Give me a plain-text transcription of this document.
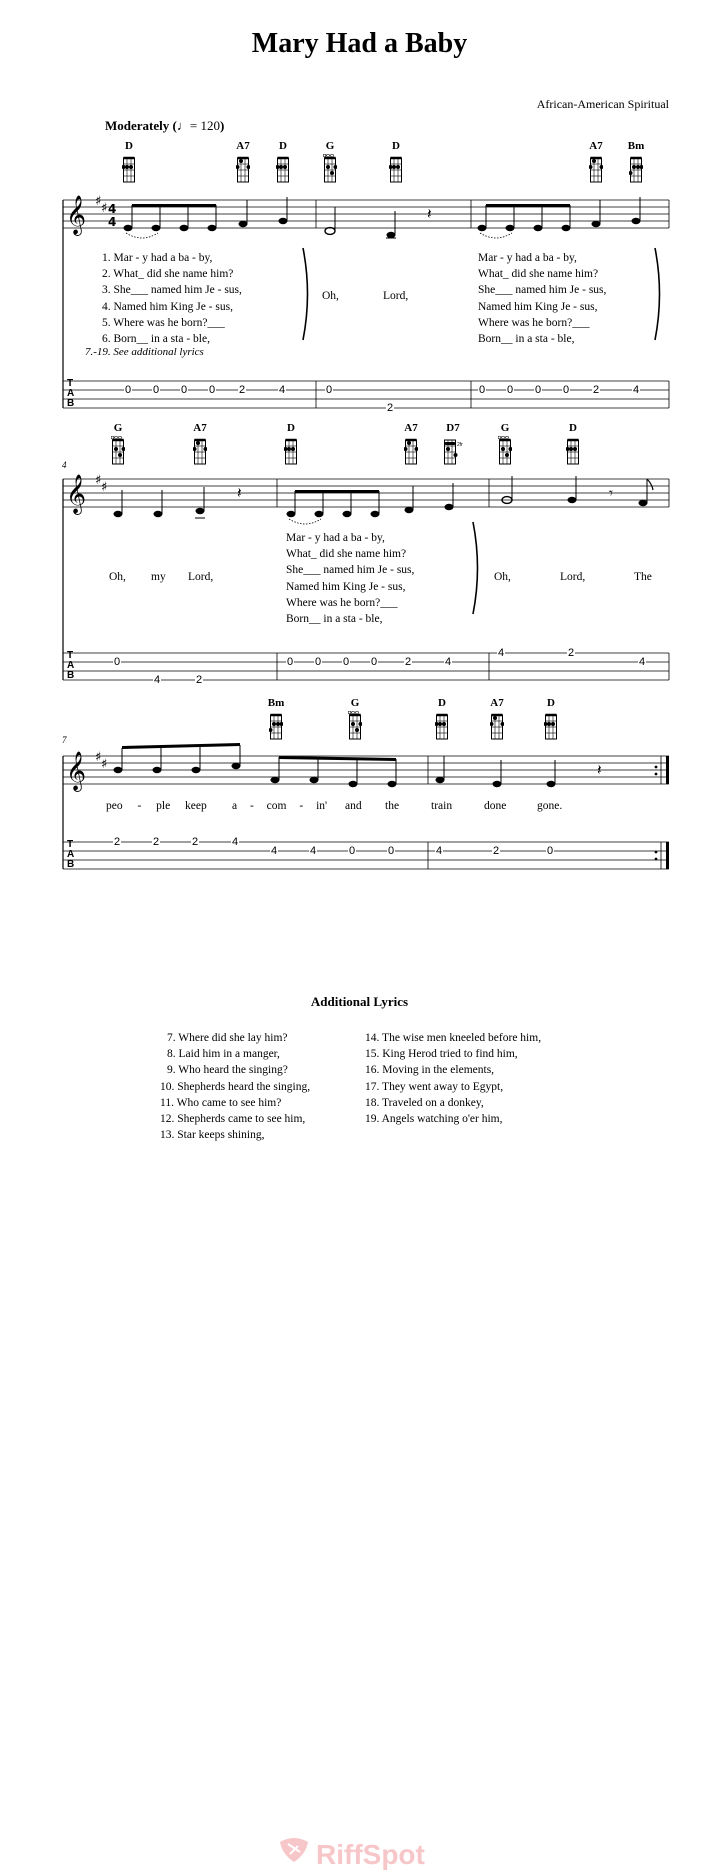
Mary Had a Baby
African-American Spiritual
Moderately (♩= 120)
D	A7	D	G	D	A7	Bm
𝄞 ♯ ♯ 4
4	𝄽
T
A
B
1. Mar - y had a ba - by,
2. What_ did she name him?
3. She___ named him Je - sus,
4. Named him King Je - sus,
5. Where was he born?___
6. Born__ in a sta - ble,
Oh,	Lord,
Mar - y had a ba - by,
What_ did she name him?
She___ named him Je - sus,
Named him King Je - sus,
Where was he born?___
Born__ in a sta - ble,
7.-19. See additional lyrics
0 0 0 0 2	4	0
2
0 0 0 0 2	4
4
G	A7	D	A7	D7
2fr
G	D
𝄞 ♯ ♯	𝄽	𝄾
T
A
B
Oh, my Lord,
Mar - y had a ba - by,
What_ did she name him?
She___ named him Je - sus,
Named him King Je - sus,
Where was he born?___
Born__ in a sta - ble,
Oh,	Lord,	The
0
4	2
0 0 0 0	2	4
4	2
4
7
Bm	G	D	A7	D
𝄞 ♯ ♯	𝄽
T
A
B
peo - ple keep a - com - in' and the	train	done	gone.
2	2	2	4
4	4	0	0	4	2	0
Additional Lyrics
7. Where did she lay him?
8. Laid him in a manger,
9. Who heard the singing?
10. Shepherds heard the singing,
11. Who came to see him?
12. Shepherds came to see him,
13. Star keeps shining,
14. The wise men kneeled before him,
15. King Herod tried to find him,
16. Moving in the elements,
17. They went away to Egypt,
18. Traveled on a donkey,
19. Angels watching o'er him,
RiffSpot
